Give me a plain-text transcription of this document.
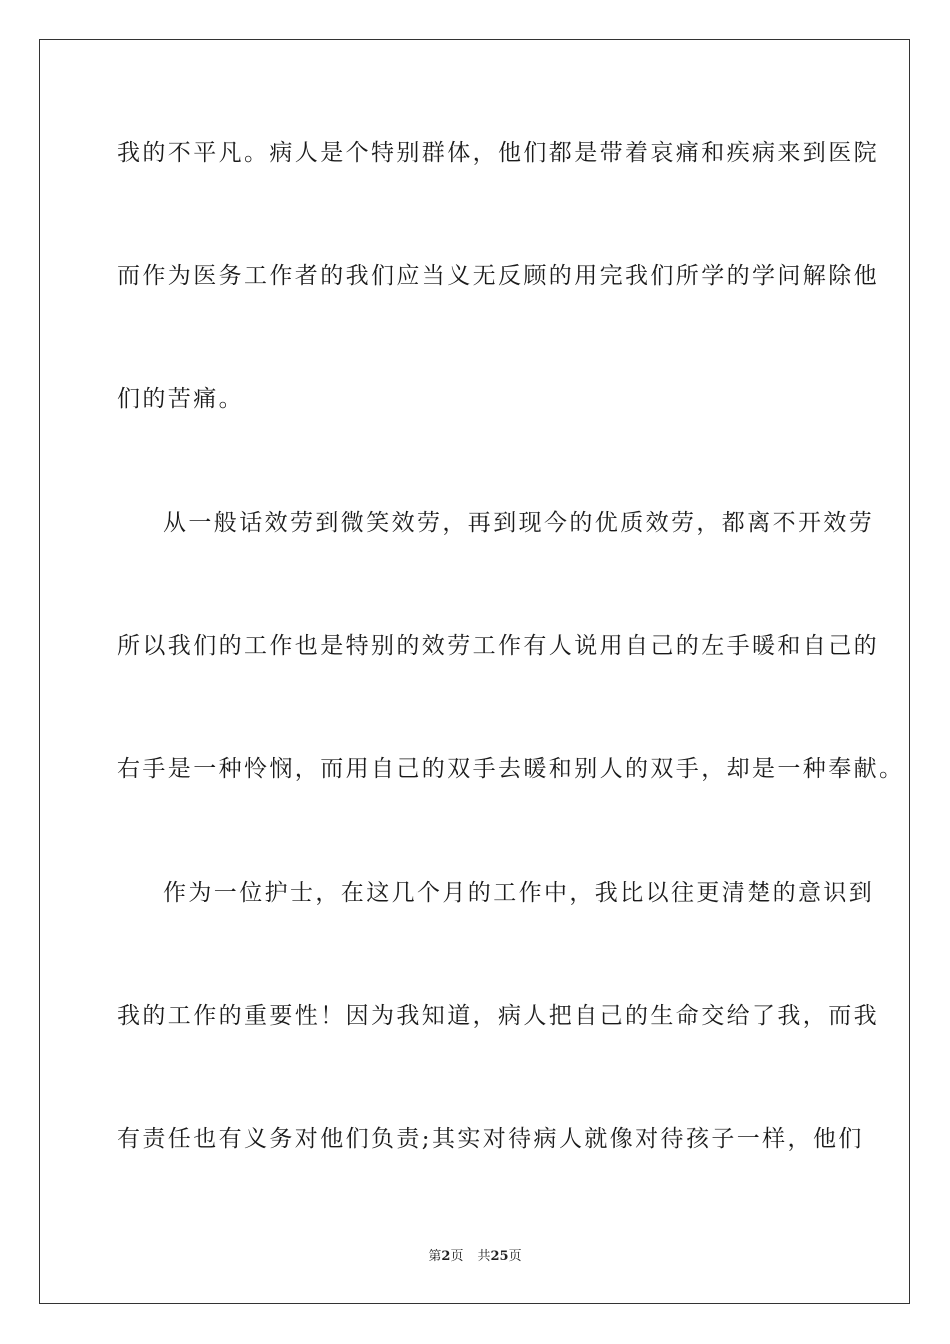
我的不平凡。病人是个特别群体，他们都是带着哀痛和疾病来到医院
而作为医务工作者的我们应当义无反顾的用完我们所学的学问解除他
们的苦痛。
从一般话效劳到微笑效劳，再到现今的优质效劳，都离不开效劳
所以我们的工作也是特别的效劳工作有人说用自己的左手暖和自己的
右手是一种怜悯，而用自己的双手去暖和别人的双手，却是一种奉献。
作为一位护士，在这几个月的工作中，我比以往更清楚的意识到
我的工作的重要性！因为我知道，病人把自己的生命交给了我，而我
有责任也有义务对他们负责;其实对待病人就像对待孩子一样，他们
第2页 共25页
